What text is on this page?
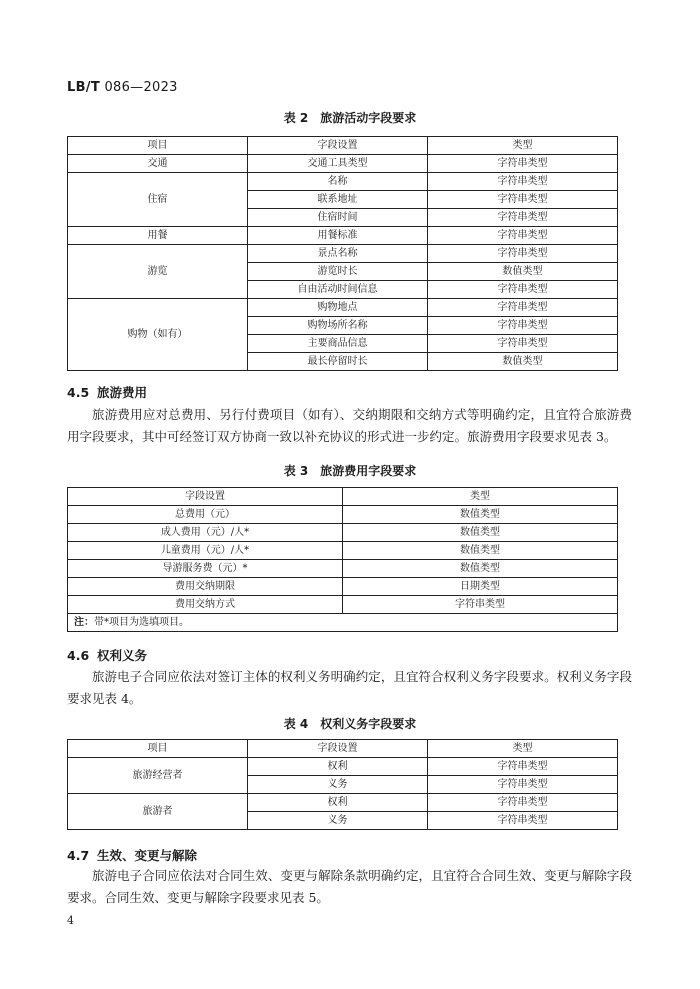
LB/T 086—2023
表 2　旅游活动字段要求
项目	字段设置	类型
交通	交通工具类型	字符串类型
住宿	名称	字符串类型
	联系地址	字符串类型
	住宿时间	字符串类型
用餐	用餐标准	字符串类型
游览	景点名称	字符串类型
	游览时长	数值类型
	自由活动时间信息	字符串类型
购物（如有）	购物地点	字符串类型
	购物场所名称	字符串类型
	主要商品信息	字符串类型
	最长停留时长	数值类型
4.5 旅游费用

旅游费用应对总费用、另行付费项目（如有）、交纳期限和交纳方式等明确约定，且宜符合旅游费用字段要求，其中可经签订双方协商一致以补充协议的形式进一步约定。旅游费用字段要求见表 3。

表 3　旅游费用字段要求
字段设置	类型
总费用（元）	数值类型
成人费用（元）/人*	数值类型
儿童费用（元）/人*	数值类型
导游服务费（元）*	数值类型
费用交纳期限	日期类型
费用交纳方式	字符串类型
注：带*项目为选填项目。	
4.6 权利义务

旅游电子合同应依法对签订主体的权利义务明确约定，且宜符合权利义务字段要求。权利义务字段要求见表 4。

表 4　权利义务字段要求
项目	字段设置	类型
旅游经营者	权利	字符串类型
	义务	字符串类型
旅游者	权利	字符串类型
	义务	字符串类型
4.7 生效、变更与解除

旅游电子合同应依法对合同生效、变更与解除条款明确约定，且宜符合合同生效、变更与解除字段要求。合同生效、变更与解除字段要求见表 5。

4
